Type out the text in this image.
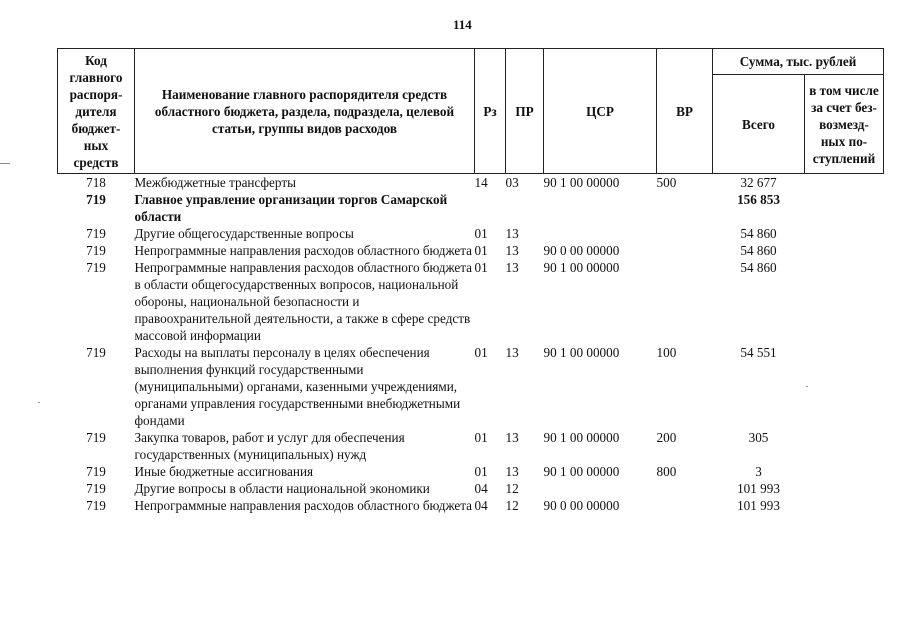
114
Код главного распоря-дителя бюджет-ных средств	Наименование главного распорядителя средств областного бюджета, раздела, подраздела, целевой статьи, группы видов расходов	Рз	ПР	ЦСР	ВР	Сумма, тыс. рублей	
						Всего	в том числе за счет без-возмезд-ных по-ступлений
718	Межбюджетные трансферты	14	03	90 1 00 00000	500	32 677	
719	Главное управление организации торгов Самарской области					156 853	
719	Другие общегосударственные вопросы	01	13			54 860	
719	Непрограммные направления расходов областного бюджета	01	13	90 0 00 00000		54 860	
719	Непрограммные направления расходов областного бюджета в области общегосударственных вопросов, национальной обороны, национальной безопасности и правоохранительной деятельности, а также в сфере средств массовой информации	01	13	90 1 00 00000		54 860	
719	Расходы на выплаты персоналу в целях обеспечения выполнения функций государственными (муниципальными) органами, казенными учреждениями, органами управления государственными внебюджетными фондами	01	13	90 1 00 00000	100	54 551	
719	Закупка товаров, работ и услуг для обеспечения государственных (муниципальных) нужд	01	13	90 1 00 00000	200	305	
719	Иные бюджетные ассигнования	01	13	90 1 00 00000	800	3	
719	Другие вопросы в области национальной экономики	04	12			101 993	
719	Непрограммные направления расходов областного бюджета	04	12	90 0 00 00000		101 993	
